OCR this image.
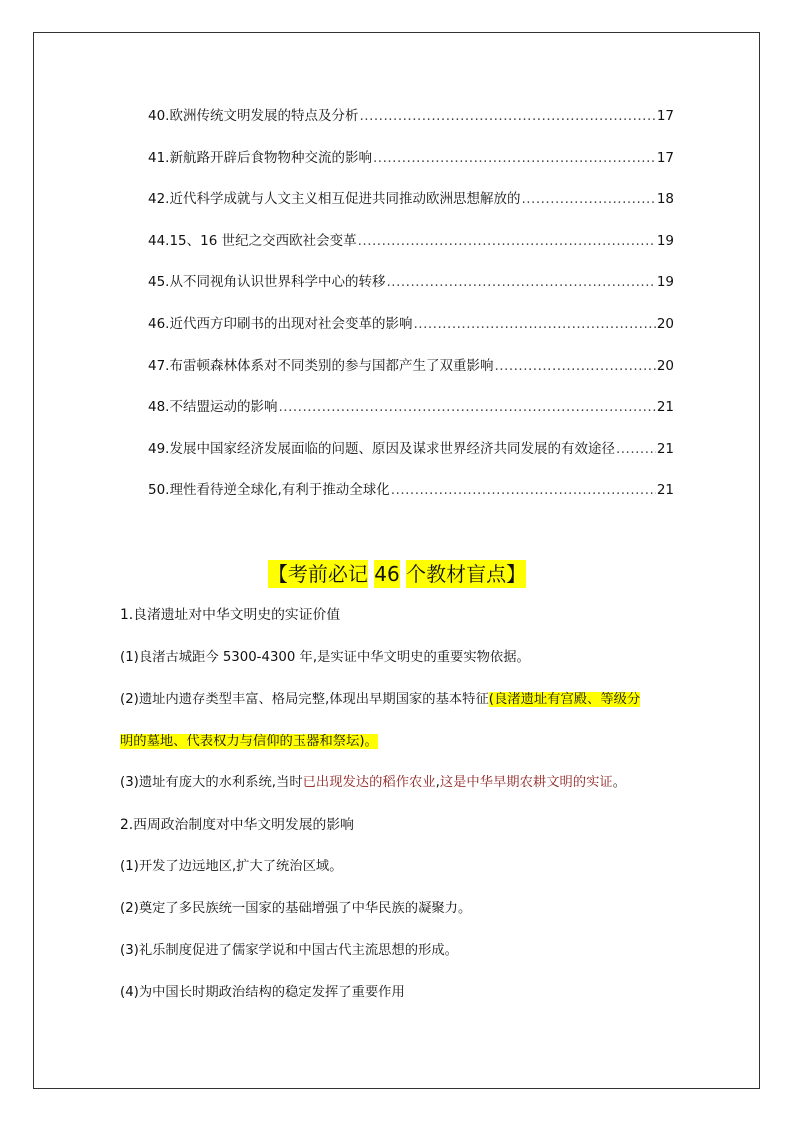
40.欧洲传统文明发展的特点及分析 .....	17
41.新航路开辟后食物物种交流的影响 .....	17
42.近代科学成就与人文主义相互促进共同推动欧洲思想解放的 .....	18
44.15、16 世纪之交西欧社会变革 .....	19
45.从不同视角认识世界科学中心的转移 .....	19
46.近代西方印刷书的出现对社会变革的影响 .....	20
47.布雷顿森林体系对不同类别的参与国都产生了双重影响 .....	20
48.不结盟运动的影响 .....	21
49.发展中国家经济发展面临的问题、原因及谋求世界经济共同发展的有效途径 .....	21
50.理性看待逆全球化,有利于推动全球化 .....	21
【考前必记 46 个教材盲点】
1.良渚遗址对中华文明史的实证价值
(1)良渚古城距今 5300-4300 年,是实证中华文明史的重要实物依据。
(2)遗址内遗存类型丰富、格局完整,体现出早期国家的基本特征(良渚遗址有宫殿、等级分
明的墓地、代表权力与信仰的玉器和祭坛)。
(3)遗址有庞大的水利系统,当时已出现发达的稻作农业,这是中华早期农耕文明的实证。
2.西周政治制度对中华文明发展的影响
(1)开发了边远地区,扩大了统治区域。
(2)奠定了多民族统一国家的基础增强了中华民族的凝聚力。
(3)礼乐制度促进了儒家学说和中国古代主流思想的形成。
(4)为中国长时期政治结构的稳定发挥了重要作用
